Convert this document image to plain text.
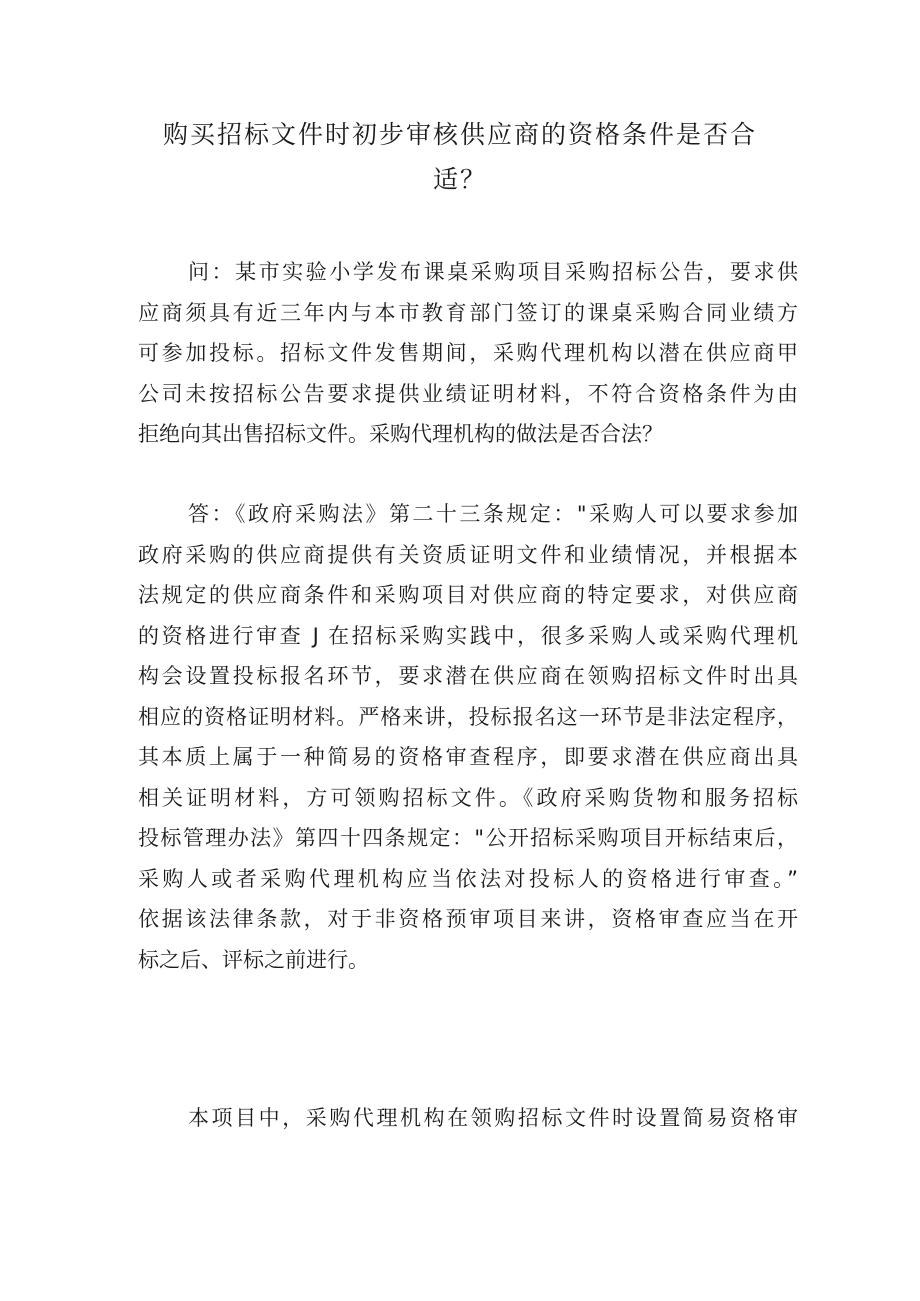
购买招标文件时初步审核供应商的资格条件是否合
适？

问：某市实验小学发布课桌采购项目采购招标公告，要求供
应商须具有近三年内与本市教育部门签订的课桌采购合同业绩方
可参加投标。招标文件发售期间，采购代理机构以潜在供应商甲
公司未按招标公告要求提供业绩证明材料，不符合资格条件为由
拒绝向其出售招标文件。采购代理机构的做法是否合法？

答：《政府采购法》第二十三条规定："采购人可以要求参加
政府采购的供应商提供有关资质证明文件和业绩情况，并根据本
法规定的供应商条件和采购项目对供应商的特定要求，对供应商
的资格进行审查 J 在招标采购实践中，很多采购人或采购代理机
构会设置投标报名环节，要求潜在供应商在领购招标文件时出具
相应的资格证明材料。严格来讲，投标报名这一环节是非法定程序，
其本质上属于一种简易的资格审查程序，即要求潜在供应商出具
相关证明材料，方可领购招标文件。《政府采购货物和服务招标
投标管理办法》第四十四条规定："公开招标采购项目开标结束后，
采购人或者采购代理机构应当依法对投标人的资格进行审查。”
依据该法律条款，对于非资格预审项目来讲，资格审查应当在开
标之后、评标之前进行。

本项目中，采购代理机构在领购招标文件时设置简易资格审
